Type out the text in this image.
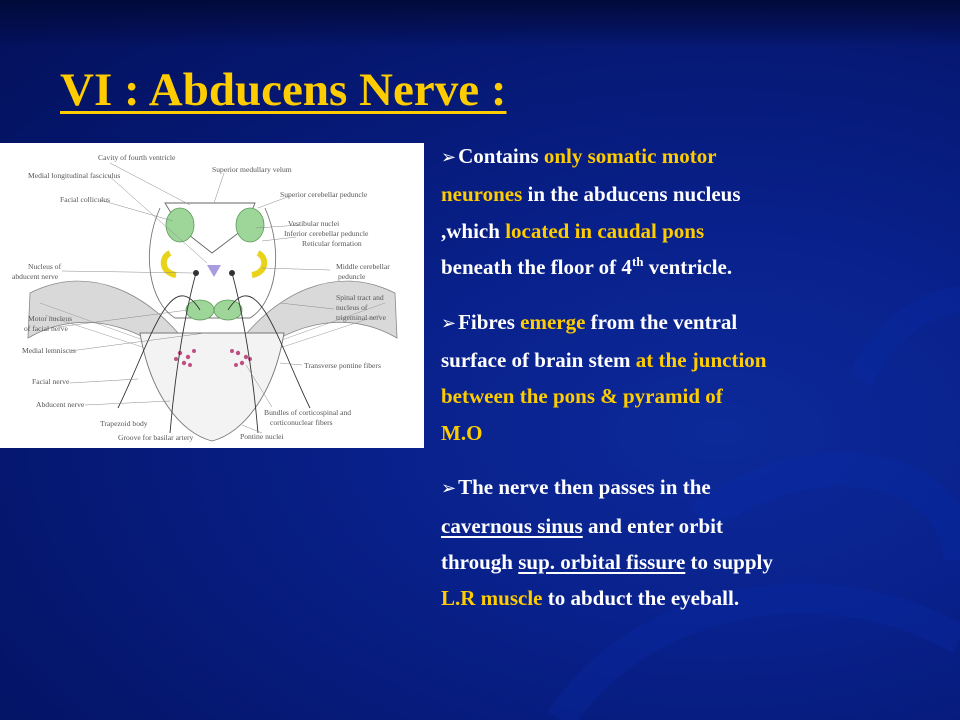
VI : Abducens Nerve :
Cavity of fourth ventricle
Medial longitudinal fasciculus
Facial colliculus
Nucleus of
abducent nerve
Motor nucleus
of facial nerve
Medial lemniscus
Facial nerve
Abducent nerve
Trapezoid body
Groove for basilar artery
Superior medullary velum
Superior cerebellar peduncle
Vestibular nuclei
Inferior cerebellar peduncle
Reticular formation
Middle cerebellar
peduncle
Spinal tract and
nucleus of
trigeminal nerve
Transverse pontine fibers
Bundles of corticospinal and
corticonuclear fibers
Pontine nuclei

➢Contains only somatic motor

neurones in the abducens nucleus

,which located in caudal pons

beneath the floor of 4th ventricle.

➢Fibres emerge from the ventral

surface of brain stem at the junction

between the pons & pyramid of

M.O

➢The nerve then passes in the

cavernous sinus and enter orbit

through sup. orbital fissure to supply

L.R muscle to abduct the eyeball.
